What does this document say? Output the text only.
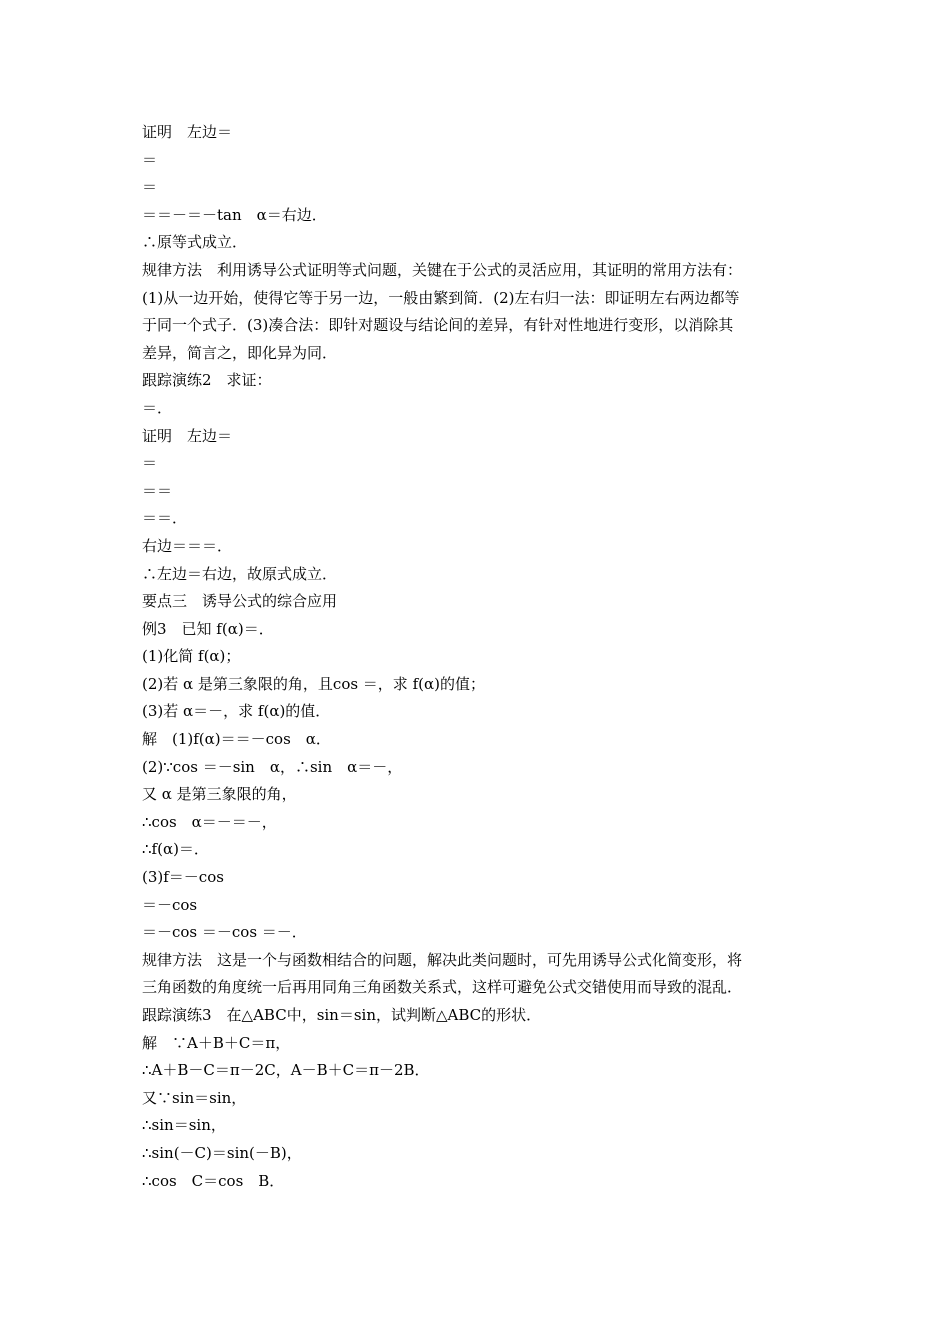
证明　左边＝
＝
＝
＝＝－＝－tan　α＝右边．
∴原等式成立．
规律方法　利用诱导公式证明等式问题，关键在于公式的灵活应用，其证明的常用方法有：
(1)从一边开始，使得它等于另一边，一般由繁到简．(2)左右归一法：即证明左右两边都等
于同一个式子．(3)凑合法：即针对题设与结论间的差异，有针对性地进行变形，以消除其
差异，简言之，即化异为同．
跟踪演练2　求证：
＝．
证明　左边＝
＝
＝＝
＝＝．
右边＝＝＝．
∴左边＝右边，故原式成立．
要点三　诱导公式的综合应用
例3　已知 f(α)＝．
(1)化简 f(α)；
(2)若 α 是第三象限的角，且cos ＝，求 f(α)的值；
(3)若 α＝－，求 f(α)的值．
解　(1)f(α)＝＝－cos　α．
(2)∵cos ＝－sin　α，∴sin　α＝－，
又 α 是第三象限的角，
∴cos　α＝－＝－，
∴f(α)＝．
(3)f＝－cos
＝－cos
＝－cos ＝－cos ＝－．
规律方法　这是一个与函数相结合的问题，解决此类问题时，可先用诱导公式化简变形，将
三角函数的角度统一后再用同角三角函数关系式，这样可避免公式交错使用而导致的混乱．
跟踪演练3　在△ABC中，sin＝sin，试判断△ABC的形状．
解　∵A＋B＋C＝π，
∴A＋B－C＝π－2C，A－B＋C＝π－2B．
又∵sin＝sin，
∴sin＝sin，
∴sin(－C)＝sin(－B)，
∴cos　C＝cos　B．
